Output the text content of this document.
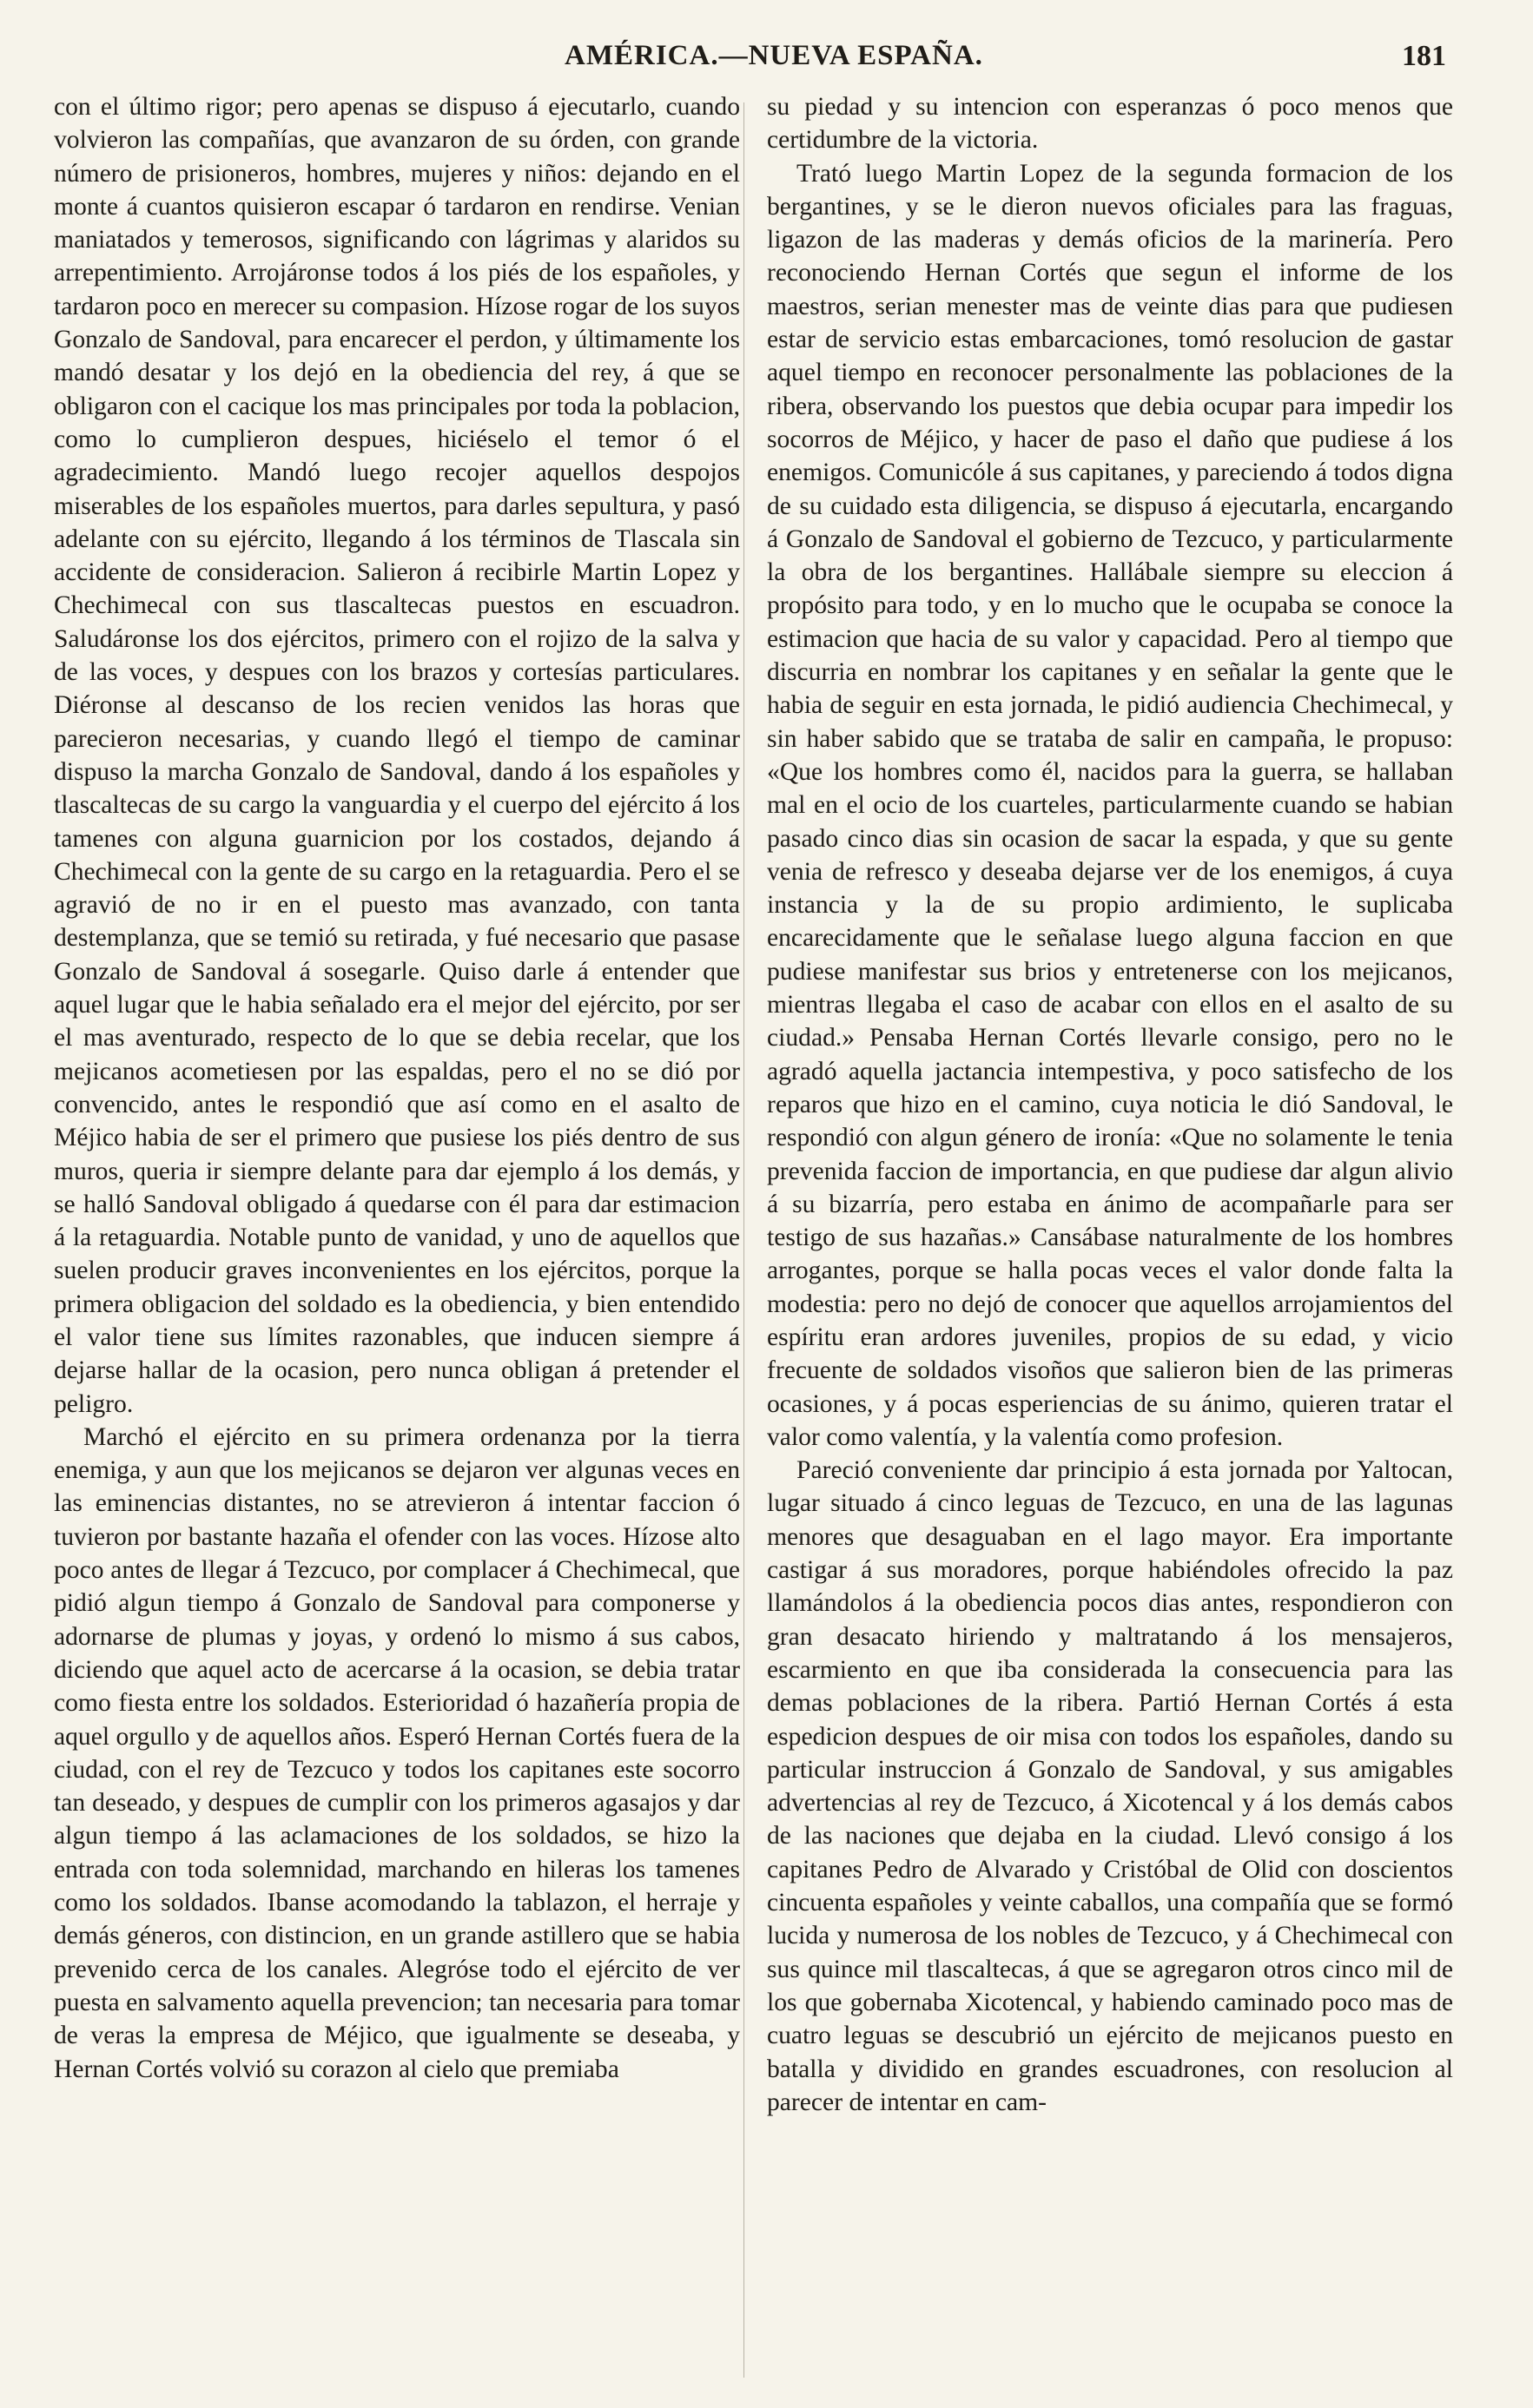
AMÉRICA.—NUEVA ESPAÑA.	181

con el último rigor; pero apenas se dispuso á ejecutarlo, cuando volvieron las compañías, que avanzaron de su órden, con grande número de prisioneros, hombres, mujeres y niños: dejando en el monte á cuantos quisieron escapar ó tardaron en rendirse. Venian maniatados y temerosos, significando con lágrimas y alaridos su arrepentimiento. Arrojáronse todos á los piés de los españoles, y tardaron poco en merecer su compasion. Hízose rogar de los suyos Gonzalo de Sandoval, para encarecer el perdon, y últimamente los mandó desatar y los dejó en la obediencia del rey, á que se obligaron con el cacique los mas principales por toda la poblacion, como lo cumplieron despues, hiciéselo el temor ó el agradecimiento. Mandó luego recojer aquellos despojos miserables de los españoles muertos, para darles sepultura, y pasó adelante con su ejército, llegando á los términos de Tlascala sin accidente de consideracion. Salieron á recibirle Martin Lopez y Chechimecal con sus tlascaltecas puestos en escuadron. Saludáronse los dos ejércitos, primero con el rojizo de la salva y de las voces, y despues con los brazos y cortesías particulares. Diéronse al descanso de los recien venidos las horas que parecieron necesarias, y cuando llegó el tiempo de caminar dispuso la marcha Gonzalo de Sandoval, dando á los españoles y tlascaltecas de su cargo la vanguardia y el cuerpo del ejército á los tamenes con alguna guarnicion por los costados, dejando á Chechimecal con la gente de su cargo en la retaguardia. Pero el se agravió de no ir en el puesto mas avanzado, con tanta destemplanza, que se temió su retirada, y fué necesario que pasase Gonzalo de Sandoval á sosegarle. Quiso darle á entender que aquel lugar que le habia señalado era el mejor del ejército, por ser el mas aventurado, respecto de lo que se debia recelar, que los mejicanos acometiesen por las espaldas, pero el no se dió por convencido, antes le respondió que así como en el asalto de Méjico habia de ser el primero que pusiese los piés dentro de sus muros, queria ir siempre delante para dar ejemplo á los demás, y se halló Sandoval obligado á quedarse con él para dar estimacion á la retaguardia. Notable punto de vanidad, y uno de aquellos que suelen producir graves inconvenientes en los ejércitos, porque la primera obligacion del soldado es la obediencia, y bien entendido el valor tiene sus límites razonables, que inducen siempre á dejarse hallar de la ocasion, pero nunca obligan á pretender el peligro.

Marchó el ejército en su primera ordenanza por la tierra enemiga, y aun que los mejicanos se dejaron ver algunas veces en las eminencias distantes, no se atrevieron á intentar faccion ó tuvieron por bastante hazaña el ofender con las voces. Hízose alto poco antes de llegar á Tezcuco, por complacer á Chechimecal, que pidió algun tiempo á Gonzalo de Sandoval para componerse y adornarse de plumas y joyas, y ordenó lo mismo á sus cabos, diciendo que aquel acto de acercarse á la ocasion, se debia tratar como fiesta entre los soldados. Esterioridad ó hazañería propia de aquel orgullo y de aquellos años. Esperó Hernan Cortés fuera de la ciudad, con el rey de Tezcuco y todos los capitanes este socorro tan deseado, y despues de cumplir con los primeros agasajos y dar algun tiempo á las aclamaciones de los soldados, se hizo la entrada con toda solemnidad, marchando en hileras los tamenes como los soldados. Ibanse acomodando la tablazon, el herraje y demás géneros, con distincion, en un grande astillero que se habia prevenido cerca de los canales. Alegróse todo el ejército de ver puesta en salvamento aquella prevencion; tan necesaria para tomar de veras la empresa de Méjico, que igualmente se deseaba, y Hernan Cortés volvió su corazon al cielo que premiaba

su piedad y su intencion con esperanzas ó poco menos que certidumbre de la victoria.

Trató luego Martin Lopez de la segunda formacion de los bergantines, y se le dieron nuevos oficiales para las fraguas, ligazon de las maderas y demás oficios de la marinería. Pero reconociendo Hernan Cortés que segun el informe de los maestros, serian menester mas de veinte dias para que pudiesen estar de servicio estas embarcaciones, tomó resolucion de gastar aquel tiempo en reconocer personalmente las poblaciones de la ribera, observando los puestos que debia ocupar para impedir los socorros de Méjico, y hacer de paso el daño que pudiese á los enemigos. Comunicóle á sus capitanes, y pareciendo á todos digna de su cuidado esta diligencia, se dispuso á ejecutarla, encargando á Gonzalo de Sandoval el gobierno de Tezcuco, y particularmente la obra de los bergantines. Hallábale siempre su eleccion á propósito para todo, y en lo mucho que le ocupaba se conoce la estimacion que hacia de su valor y capacidad. Pero al tiempo que discurria en nombrar los capitanes y en señalar la gente que le habia de seguir en esta jornada, le pidió audiencia Chechimecal, y sin haber sabido que se trataba de salir en campaña, le propuso: «Que los hombres como él, nacidos para la guerra, se hallaban mal en el ocio de los cuarteles, particularmente cuando se habian pasado cinco dias sin ocasion de sacar la espada, y que su gente venia de refresco y deseaba dejarse ver de los enemigos, á cuya instancia y la de su propio ardimiento, le suplicaba encarecidamente que le señalase luego alguna faccion en que pudiese manifestar sus brios y entretenerse con los mejicanos, mientras llegaba el caso de acabar con ellos en el asalto de su ciudad.» Pensaba Hernan Cortés llevarle consigo, pero no le agradó aquella jactancia intempestiva, y poco satisfecho de los reparos que hizo en el camino, cuya noticia le dió Sandoval, le respondió con algun género de ironía: «Que no solamente le tenia prevenida faccion de importancia, en que pudiese dar algun alivio á su bizarría, pero estaba en ánimo de acompañarle para ser testigo de sus hazañas.» Cansábase naturalmente de los hombres arrogantes, porque se halla pocas veces el valor donde falta la modestia: pero no dejó de conocer que aquellos arrojamientos del espíritu eran ardores juveniles, propios de su edad, y vicio frecuente de soldados visoños que salieron bien de las primeras ocasiones, y á pocas esperiencias de su ánimo, quieren tratar el valor como valentía, y la valentía como profesion.

Pareció conveniente dar principio á esta jornada por Yaltocan, lugar situado á cinco leguas de Tezcuco, en una de las lagunas menores que desaguaban en el lago mayor. Era importante castigar á sus moradores, porque habiéndoles ofrecido la paz llamándolos á la obediencia pocos dias antes, respondieron con gran desacato hiriendo y maltratando á los mensajeros, escarmiento en que iba considerada la consecuencia para las demas poblaciones de la ribera. Partió Hernan Cortés á esta espedicion despues de oir misa con todos los españoles, dando su particular instruccion á Gonzalo de Sandoval, y sus amigables advertencias al rey de Tezcuco, á Xicotencal y á los demás cabos de las naciones que dejaba en la ciudad. Llevó consigo á los capitanes Pedro de Alvarado y Cristóbal de Olid con doscientos cincuenta españoles y veinte caballos, una compañía que se formó lucida y numerosa de los nobles de Tezcuco, y á Chechimecal con sus quince mil tlascaltecas, á que se agregaron otros cinco mil de los que gobernaba Xicotencal, y habiendo caminado poco mas de cuatro leguas se descubrió un ejército de mejicanos puesto en batalla y dividido en grandes escuadrones, con resolucion al parecer de intentar en cam-
